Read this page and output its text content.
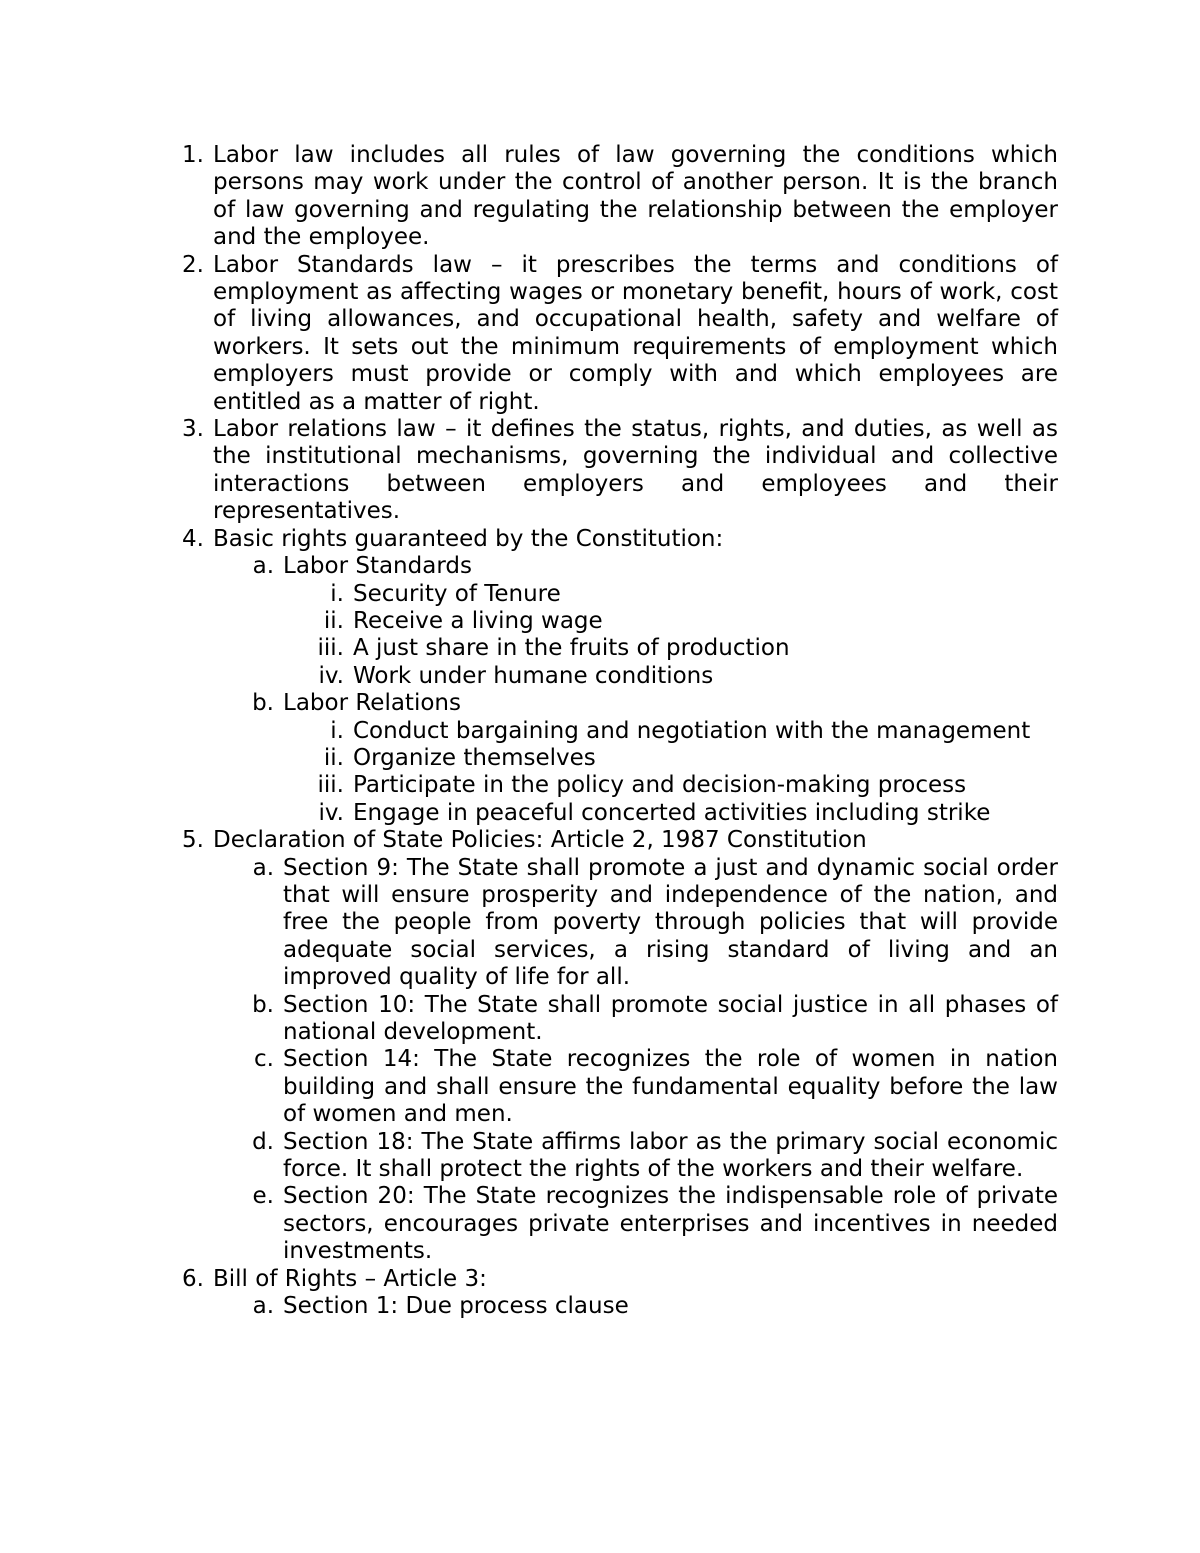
1. Labor law includes all rules of law governing the conditions which persons may work under the control of another person. It is the branch of law governing and regulating the relationship between the employer and the employee.
2. Labor Standards law – it prescribes the terms and conditions of employment as affecting wages or monetary benefit, hours of work, cost of living allowances, and occupational health, safety and welfare of workers. It sets out the minimum requirements of employment which employers must provide or comply with and which employees are entitled as a matter of right.
3. Labor relations law – it defines the status, rights, and duties, as well as the institutional mechanisms, governing the individual and collective interactions between employers and employees and their representatives.
4. Basic rights guaranteed by the Constitution:
a. Labor Standards
i. Security of Tenure
ii. Receive a living wage
iii. A just share in the fruits of production
iv. Work under humane conditions
b. Labor Relations
i. Conduct bargaining and negotiation with the management
ii. Organize themselves
iii. Participate in the policy and decision-making process
iv. Engage in peaceful concerted activities including strike
5. Declaration of State Policies: Article 2, 1987 Constitution
a. Section 9: The State shall promote a just and dynamic social order that will ensure prosperity and independence of the nation, and free the people from poverty through policies that will provide adequate social services, a rising standard of living and an improved quality of life for all.
b. Section 10: The State shall promote social justice in all phases of national development.
c. Section 14: The State recognizes the role of women in nation building and shall ensure the fundamental equality before the law of women and men.
d. Section 18: The State affirms labor as the primary social economic force. It shall protect the rights of the workers and their welfare.
e. Section 20: The State recognizes the indispensable role of private sectors, encourages private enterprises and incentives in needed investments.
6. Bill of Rights – Article 3:
a. Section 1: Due process clause
